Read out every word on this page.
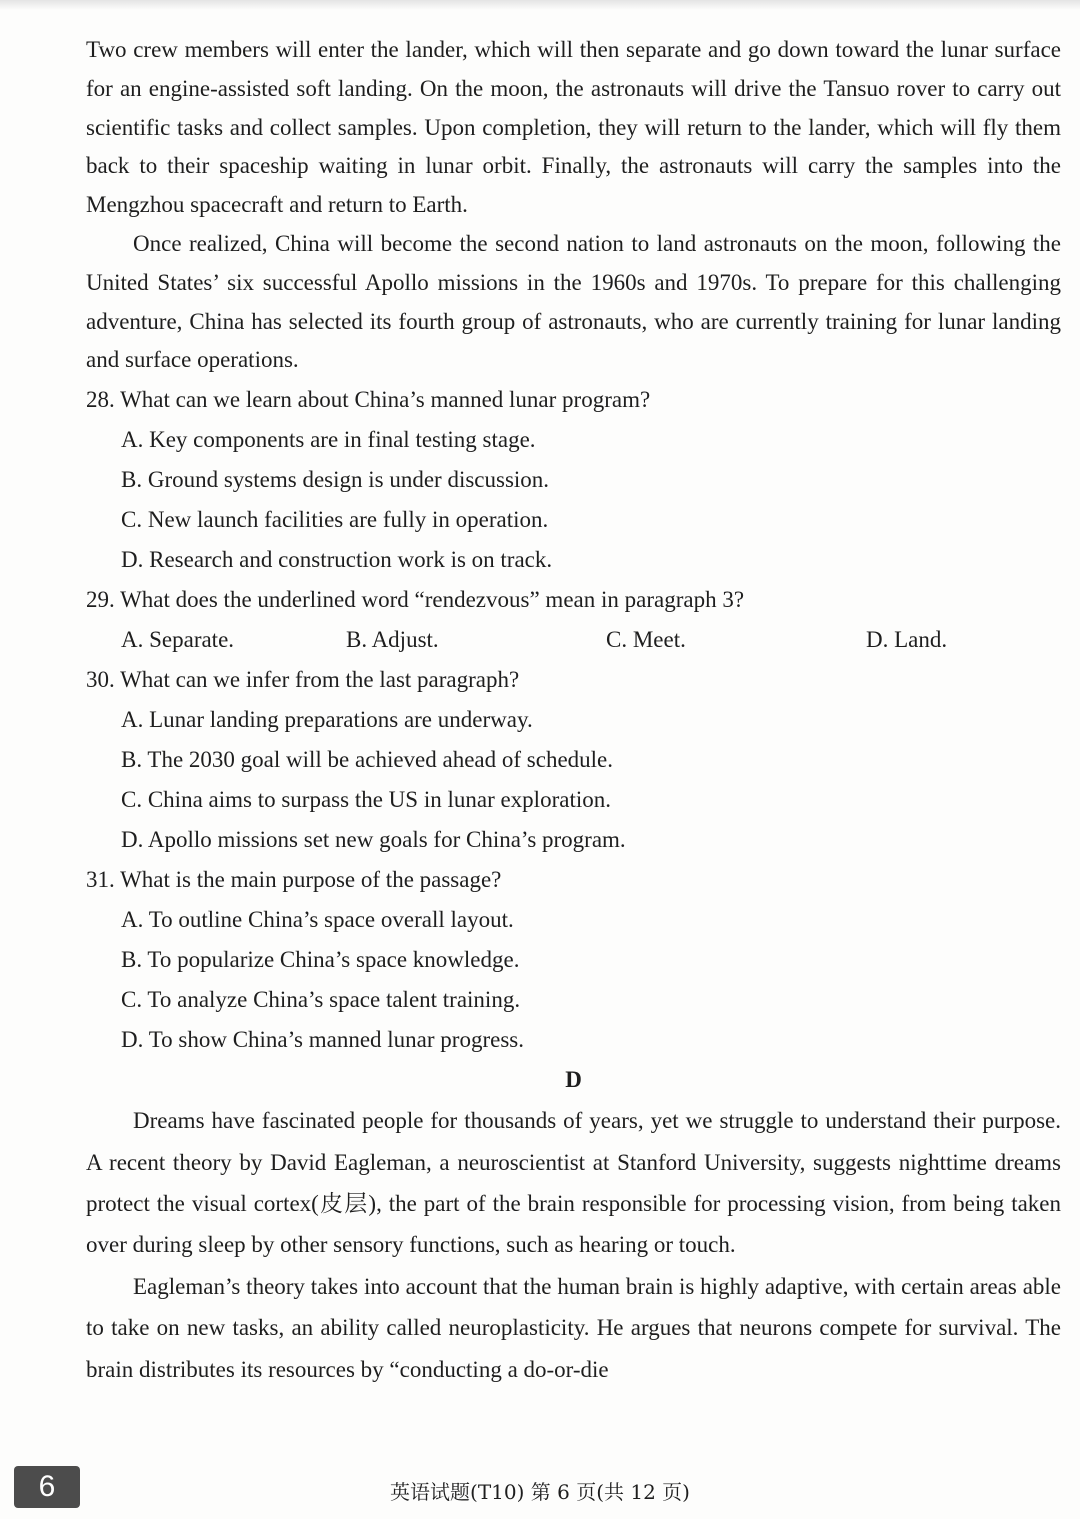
Two crew members will enter the lander, which will then separate and go down toward the lunar surface for an engine-assisted soft landing. On the moon, the astronauts will drive the Tansuo rover to carry out scientific tasks and collect samples. Upon completion, they will return to the lander, which will fly them back to their spaceship waiting in lunar orbit. Finally, the astronauts will carry the samples into the Mengzhou spacecraft and return to Earth.

Once realized, China will become the second nation to land astronauts on the moon, following the United States’ six successful Apollo missions in the 1960s and 1970s. To prepare for this challenging adventure, China has selected its fourth group of astronauts, who are currently training for lunar landing and surface operations.

28. What can we learn about China’s manned lunar program?

A. Key components are in final testing stage.

B. Ground systems design is under discussion.

C. New launch facilities are fully in operation.

D. Research and construction work is on track.

29. What does the underlined word “rendezvous” mean in paragraph 3?

A. Separate.	B. Adjust.	C. Meet.	D. Land.

30. What can we infer from the last paragraph?

A. Lunar landing preparations are underway.

B. The 2030 goal will be achieved ahead of schedule.

C. China aims to surpass the US in lunar exploration.

D. Apollo missions set new goals for China’s program.

31. What is the main purpose of the passage?

A. To outline China’s space overall layout.

B. To popularize China’s space knowledge.

C. To analyze China’s space talent training.

D. To show China’s manned lunar progress.

D

Dreams have fascinated people for thousands of years, yet we struggle to understand their purpose. A recent theory by David Eagleman, a neuroscientist at Stanford University, suggests nighttime dreams protect the visual cortex(皮层), the part of the brain responsible for processing vision, from being taken over during sleep by other sensory functions, such as hearing or touch.

Eagleman’s theory takes into account that the human brain is highly adaptive, with certain areas able to take on new tasks, an ability called neuroplasticity. He argues that neurons compete for survival. The brain distributes its resources by “conducting a do-or-die

6	英语试题(T10) 第 6 页(共 12 页)
